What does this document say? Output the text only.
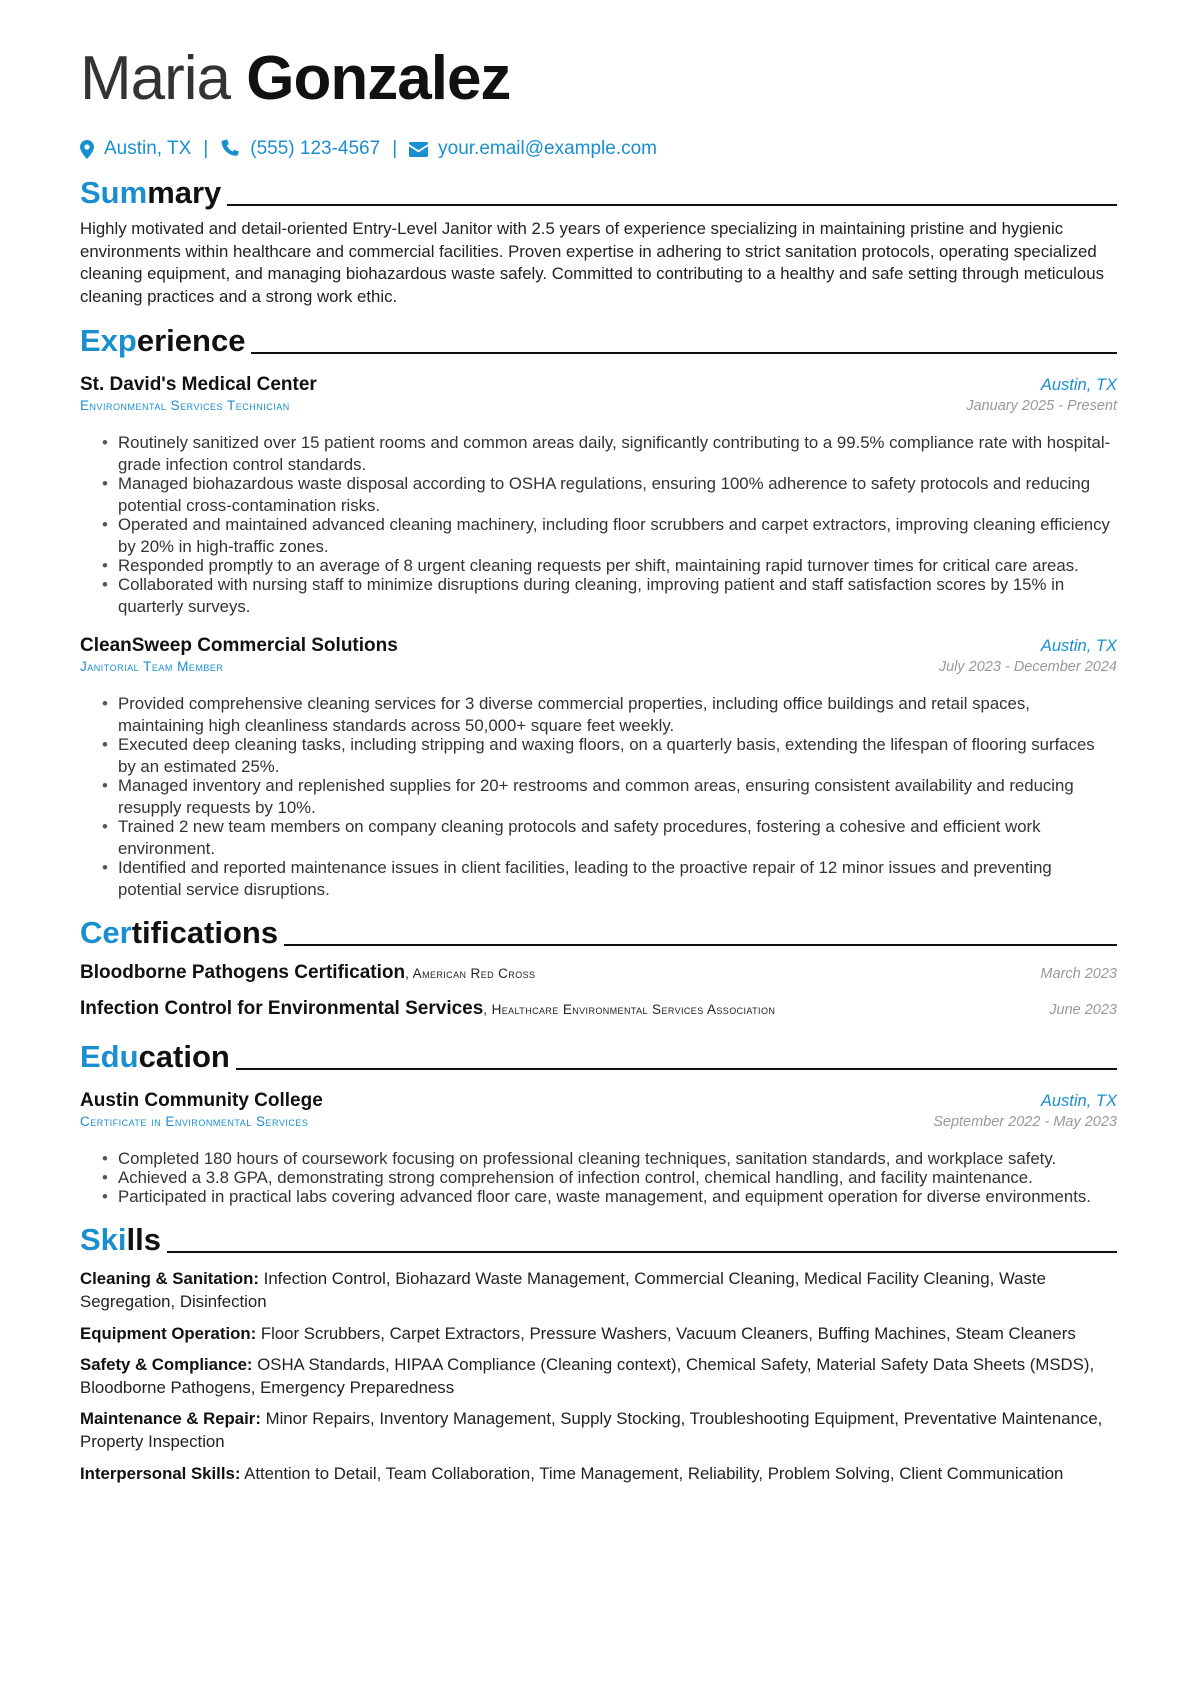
Maria Gonzalez
Austin, TX | (555) 123-4567 | your.email@example.com
Summary

Highly motivated and detail-oriented Entry-Level Janitor with 2.5 years of experience specializing in maintaining pristine and hygienic environments within healthcare and commercial facilities. Proven expertise in adhering to strict sanitation protocols, operating specialized cleaning equipment, and managing biohazardous waste safely. Committed to contributing to a healthy and safe setting through meticulous cleaning practices and a strong work ethic.

Experience
St. David's Medical Center	Austin, TX
Environmental Services Technician	January 2025 - Present
• Routinely sanitized over 15 patient rooms and common areas daily, significantly contributing to a 99.5% compliance rate with hospital-grade infection control standards.
• Managed biohazardous waste disposal according to OSHA regulations, ensuring 100% adherence to safety protocols and reducing potential cross-contamination risks.
• Operated and maintained advanced cleaning machinery, including floor scrubbers and carpet extractors, improving cleaning efficiency by 20% in high-traffic zones.
• Responded promptly to an average of 8 urgent cleaning requests per shift, maintaining rapid turnover times for critical care areas.
• Collaborated with nursing staff to minimize disruptions during cleaning, improving patient and staff satisfaction scores by 15% in quarterly surveys.
CleanSweep Commercial Solutions	Austin, TX
Janitorial Team Member	July 2023 - December 2024
• Provided comprehensive cleaning services for 3 diverse commercial properties, including office buildings and retail spaces, maintaining high cleanliness standards across 50,000+ square feet weekly.
• Executed deep cleaning tasks, including stripping and waxing floors, on a quarterly basis, extending the lifespan of flooring surfaces by an estimated 25%.
• Managed inventory and replenished supplies for 20+ restrooms and common areas, ensuring consistent availability and reducing resupply requests by 10%.
• Trained 2 new team members on company cleaning protocols and safety procedures, fostering a cohesive and efficient work environment.
• Identified and reported maintenance issues in client facilities, leading to the proactive repair of 12 minor issues and preventing potential service disruptions.
Certifications
Bloodborne Pathogens Certification, American Red Cross	March 2023
Infection Control for Environmental Services, Healthcare Environmental Services Association	June 2023
Education
Austin Community College	Austin, TX
Certificate in Environmental Services	September 2022 - May 2023
• Completed 180 hours of coursework focusing on professional cleaning techniques, sanitation standards, and workplace safety.
• Achieved a 3.8 GPA, demonstrating strong comprehension of infection control, chemical handling, and facility maintenance.
• Participated in practical labs covering advanced floor care, waste management, and equipment operation for diverse environments.
Skills
Cleaning & Sanitation: Infection Control, Biohazard Waste Management, Commercial Cleaning, Medical Facility Cleaning, Waste Segregation, Disinfection
Equipment Operation: Floor Scrubbers, Carpet Extractors, Pressure Washers, Vacuum Cleaners, Buffing Machines, Steam Cleaners
Safety & Compliance: OSHA Standards, HIPAA Compliance (Cleaning context), Chemical Safety, Material Safety Data Sheets (MSDS), Bloodborne Pathogens, Emergency Preparedness
Maintenance & Repair: Minor Repairs, Inventory Management, Supply Stocking, Troubleshooting Equipment, Preventative Maintenance, Property Inspection
Interpersonal Skills: Attention to Detail, Team Collaboration, Time Management, Reliability, Problem Solving, Client Communication
